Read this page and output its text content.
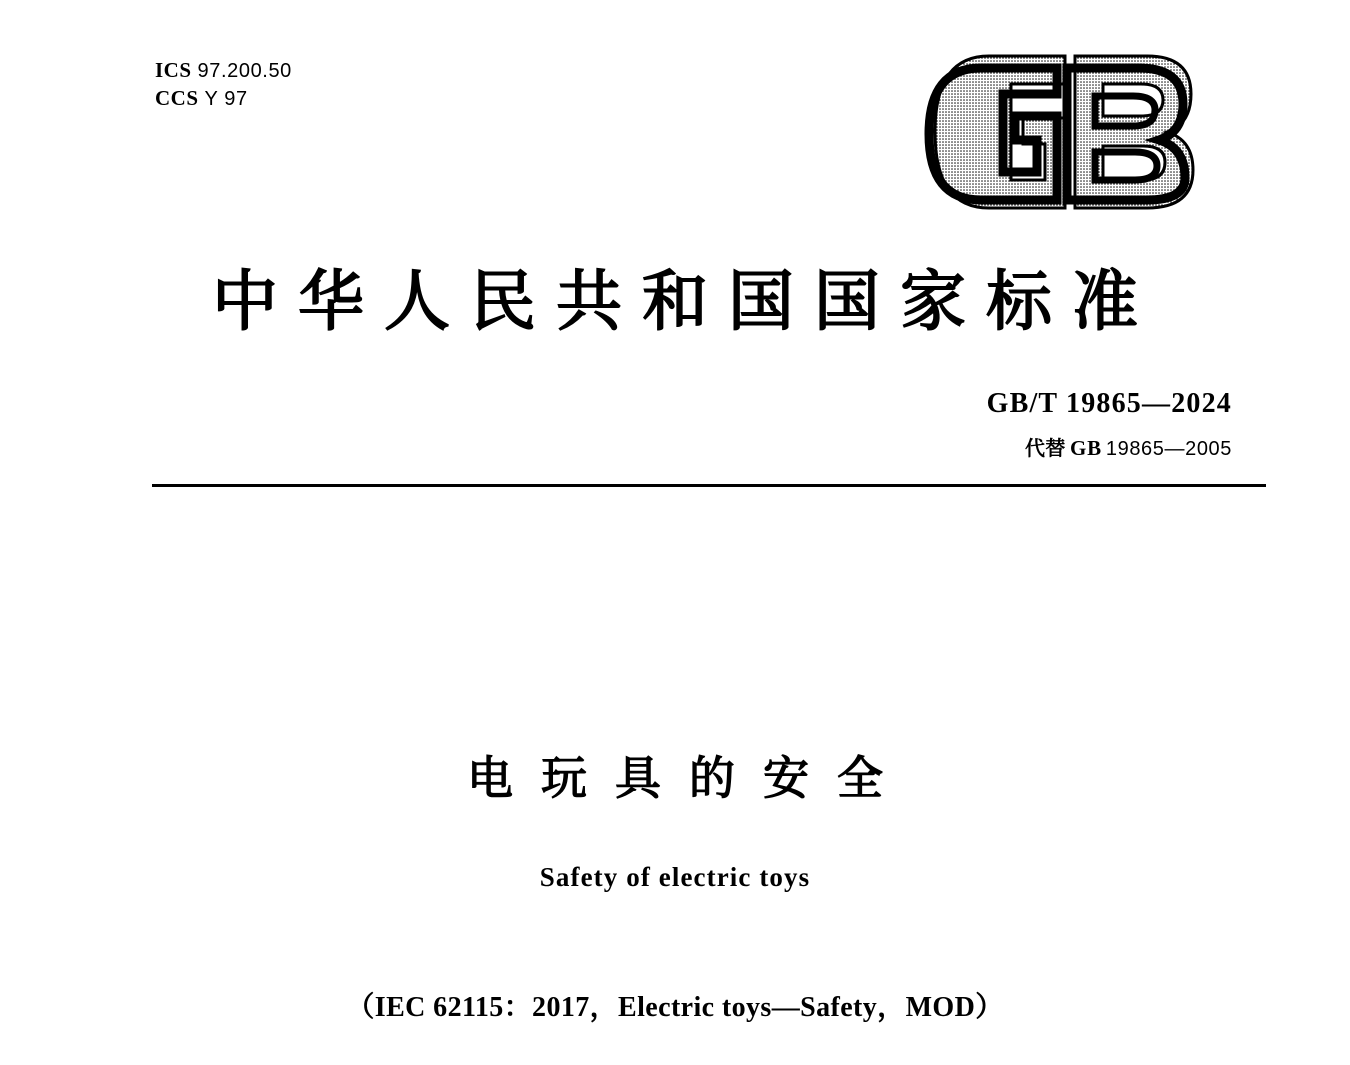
ICS 97.200.50
CCS Y 97
中华人民共和国国家标准
GB/T 19865—2024
代替 GB 19865—2005
电玩具的安全
Safety of electric toys
（IEC 62115：2017，Electric toys—Safety，MOD）
